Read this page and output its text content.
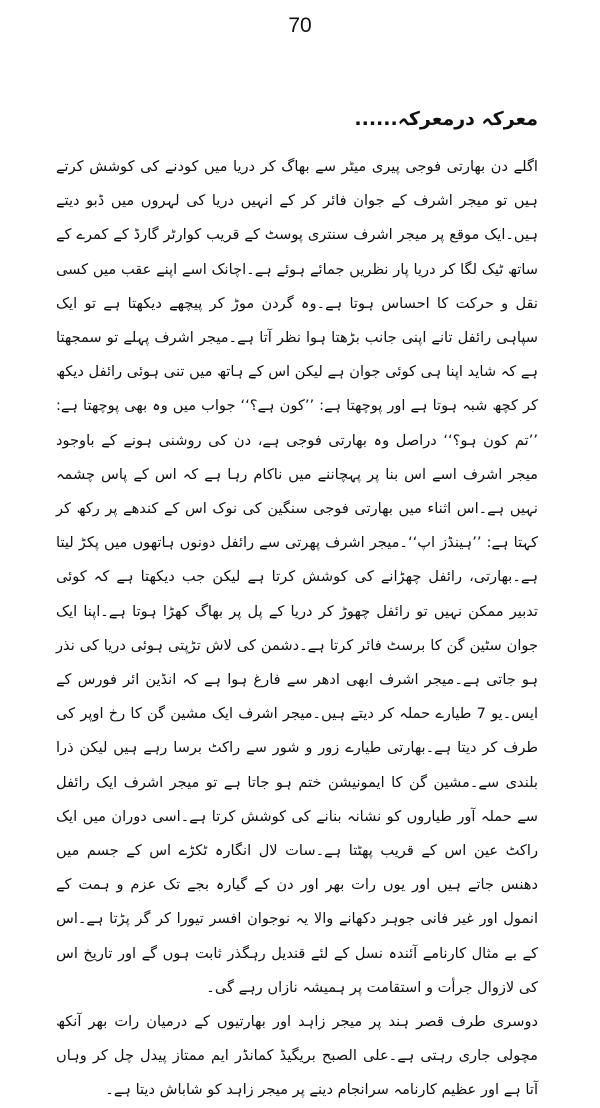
70
معرکہ درمعرکہ......

اگلے دن بھارتی فوجی پیری میٹر سے بھاگ کر دریا میں کودنے کی کوشش کرتے ہیں تو میجر اشرف کے جوان فائر کر کے انہیں دریا کی لہروں میں ڈبو دیتے ہیں۔ایک موقع پر میجر اشرف سنتری پوسٹ کے قریب کوارٹر گارڈ کے کمرے کے ساتھ ٹیک لگا کر دریا پار نظریں جمائے ہوئے ہے۔اچانک اسے اپنے عقب میں کسی نقل و حرکت کا احساس ہوتا ہے۔وہ گردن موڑ کر پیچھے دیکھتا ہے تو ایک سپاہی رائفل تانے اپنی جانب بڑھتا ہوا نظر آتا ہے۔میجر اشرف پہلے تو سمجھتا ہے کہ شاید اپنا ہی کوئی جوان ہے لیکن اس کے ہاتھ میں تنی ہوئی رائفل دیکھ کر کچھ شبہ ہوتا ہے اور پوچھتا ہے: ’’کون ہے؟‘‘ جواب میں وہ بھی پوچھتا ہے: ’’تم کون ہو؟‘‘ دراصل وہ بھارتی فوجی ہے، دن کی روشنی ہونے کے باوجود میجر اشرف اسے اس بنا پر پہچاننے میں ناکام رہا ہے کہ اس کے پاس چشمہ نہیں ہے۔اس اثناء میں بھارتی فوجی سنگین کی نوک اس کے کندھے پر رکھ کر کہتا ہے: ’’ہینڈز اپ‘‘۔میجر اشرف پھرتی سے رائفل دونوں ہاتھوں میں پکڑ لیتا ہے۔بھارتی، رائفل چھڑانے کی کوشش کرتا ہے لیکن جب دیکھتا ہے کہ کوئی تدبیر ممکن نہیں تو رائفل چھوڑ کر دریا کے پل پر بھاگ کھڑا ہوتا ہے۔اپنا ایک جوان سٹین گن کا برسٹ فائر کرتا ہے۔دشمن کی لاش تڑپتی ہوئی دریا کی نذر ہو جاتی ہے۔میجر اشرف ابھی ادھر سے فارغ ہوا ہے کہ انڈین ائر فورس کے ایس۔یو 7 طیارے حملہ کر دیتے ہیں۔میجر اشرف ایک مشین گن کا رخ اوپر کی طرف کر دیتا ہے۔بھارتی طیارے زور و شور سے راکٹ برسا رہے ہیں لیکن ذرا بلندی سے۔مشین گن کا ایمونیشن ختم ہو جاتا ہے تو میجر اشرف ایک رائفل سے حملہ آور طیاروں کو نشانہ بنانے کی کوشش کرتا ہے۔اسی دوران میں ایک راکٹ عین اس کے قریب پھٹتا ہے۔سات لال انگارہ ٹکڑے اس کے جسم میں دھنس جاتے ہیں اور یوں رات بھر اور دن کے گیارہ بجے تک عزم و ہمت کے انمول اور غیر فانی جوہر دکھانے والا یہ نوجوان افسر تیورا کر گر پڑتا ہے۔اس کے بے مثال کارنامے آئندہ نسل کے لئے قندیل رہگذر ثابت ہوں گے اور تاریخ اس کی لازوال جرأت و استقامت پر ہمیشہ نازاں رہے گی۔

دوسری طرف قصر ہند پر میجر زاہد اور بھارتیوں کے درمیان رات بھر آنکھ مچولی جاری رہتی ہے۔علی الصبح بریگیڈ کمانڈر ایم ممتاز پیدل چل کر وہاں آتا ہے اور عظیم کارنامہ سرانجام دینے پر میجر زاہد کو شاباش دیتا ہے۔
